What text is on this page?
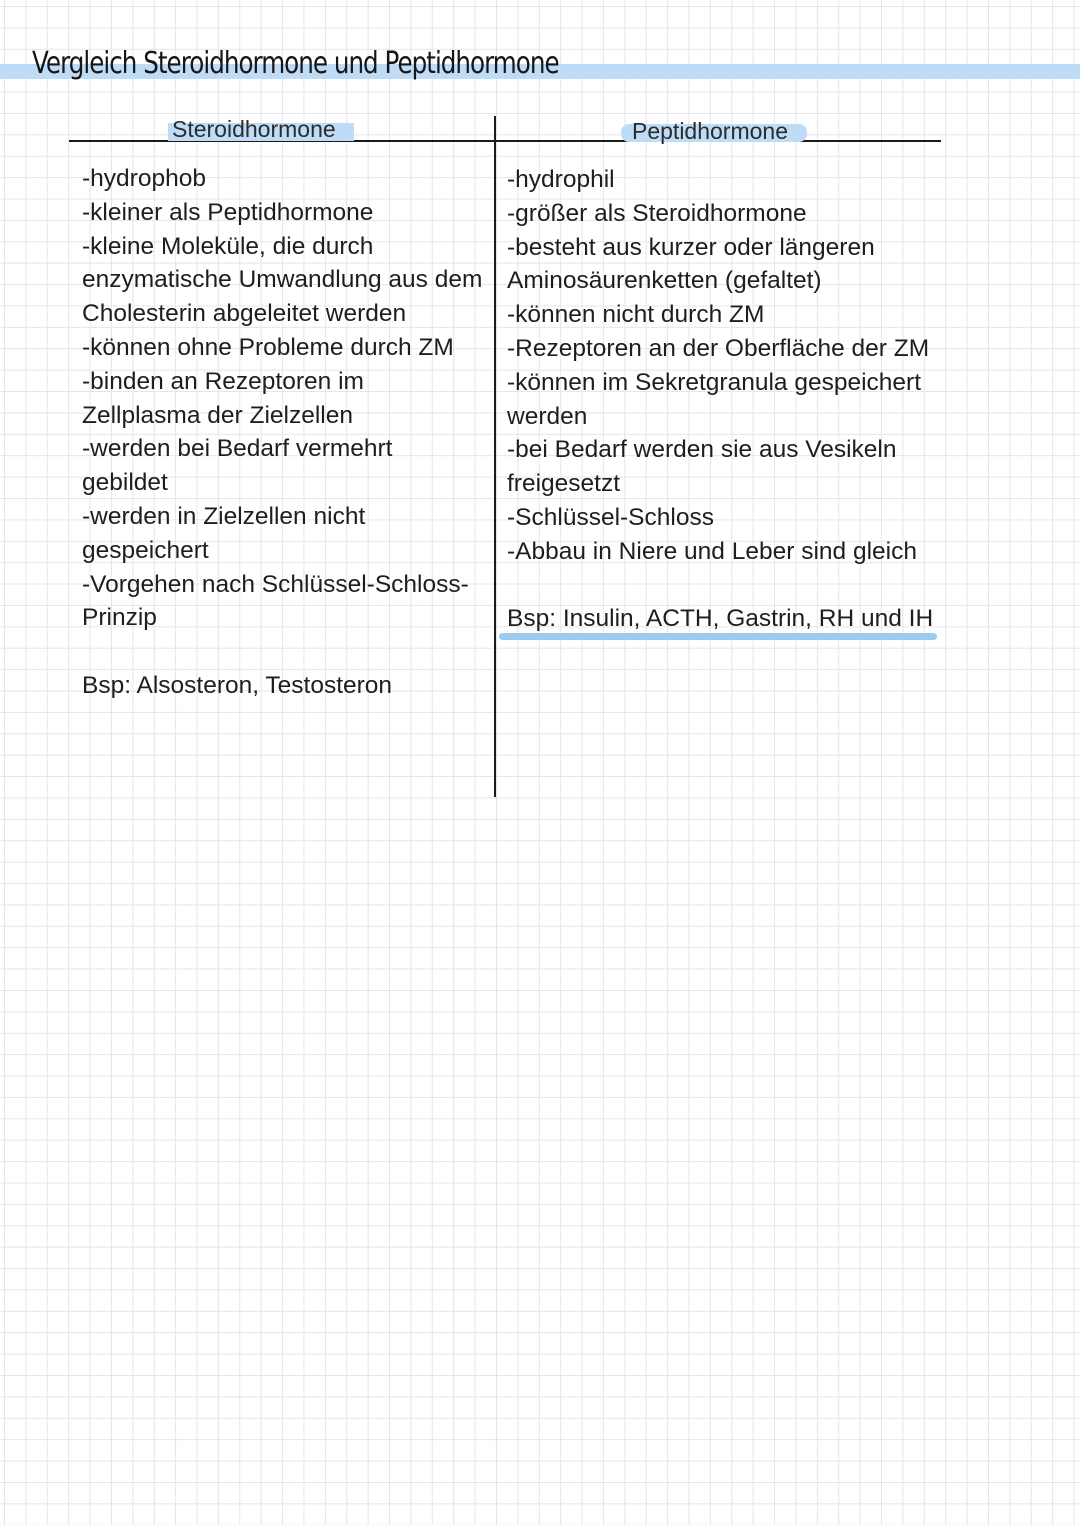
Vergleich Steroidhormone und Peptidhormone
Steroidhormone	Peptidhormone
-hydrophob
-kleiner als Peptidhormone
-kleine Moleküle, die durch
enzymatische Umwandlung aus dem
Cholesterin abgeleitet werden
-können ohne Probleme durch ZM
-binden an Rezeptoren im
Zellplasma der Zielzellen
-werden bei Bedarf vermehrt
gebildet
-werden in Zielzellen nicht
gespeichert
-Vorgehen nach Schlüssel-Schloss-
Prinzip
Bsp: Alsosteron, Testosteron
-hydrophil
-größer als Steroidhormone
-besteht aus kurzer oder längeren
Aminosäurenketten (gefaltet)
-können nicht durch ZM
-Rezeptoren an der Oberfläche der ZM
-können im Sekretgranula gespeichert
werden
-bei Bedarf werden sie aus Vesikeln
freigesetzt
-Schlüssel-Schloss
-Abbau in Niere und Leber sind gleich
Bsp: Insulin, ACTH, Gastrin, RH und IH
